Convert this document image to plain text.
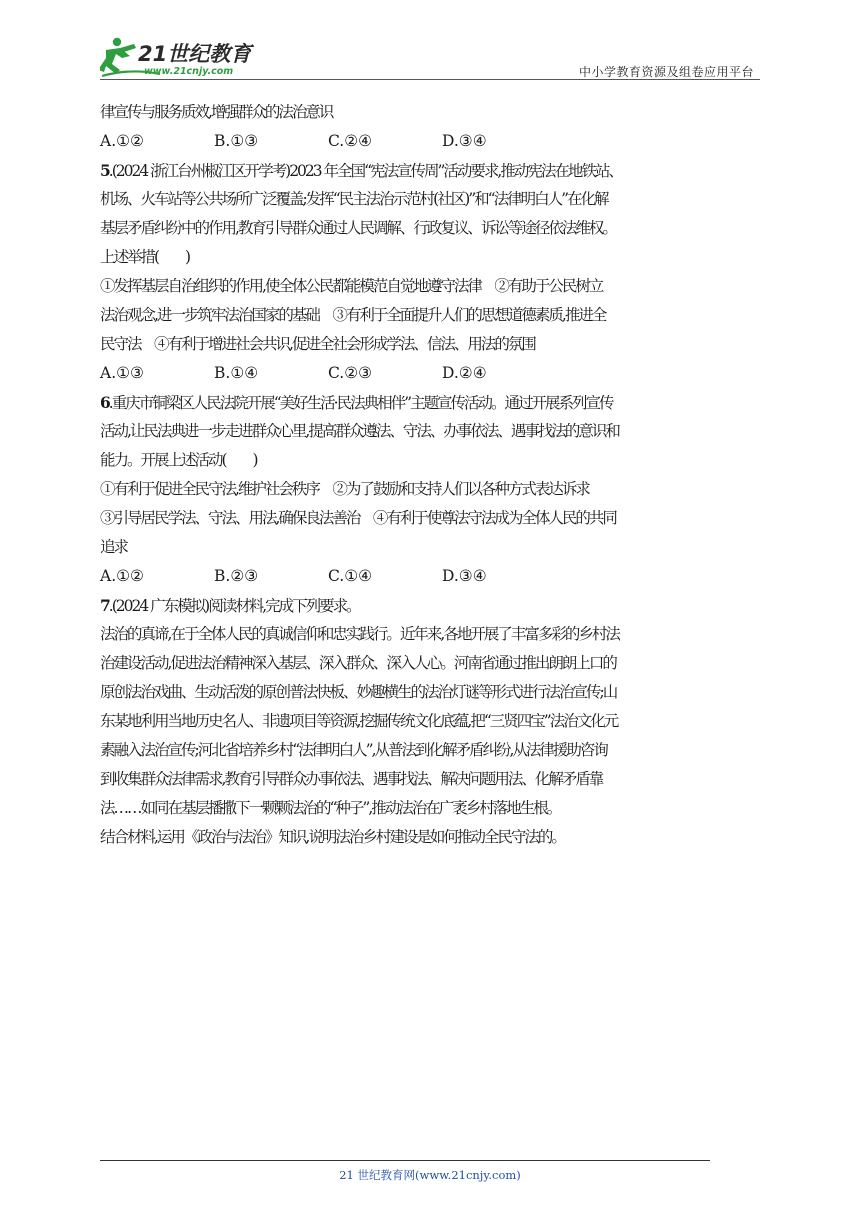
21世纪教育
www.21cnjy.com	中小学教育资源及组卷应用平台
律宣传与服务质效,增强群众的法治意识
A.①②	B.①③	C.②④	D.③④
5.(2024 浙江台州椒江区开学考)2023 年全国“宪法宣传周”活动要求,推动宪法在地铁站、
机场、火车站等公共场所广泛覆盖;发挥“民主法治示范村(社区)”和“法律明白人”在化解
基层矛盾纠纷中的作用,教育引导群众通过人民调解、行政复议、诉讼等途径依法维权。
上述举措(　　)
①发挥基层自治组织的作用,使全体公民都能模范自觉地遵守法律　②有助于公民树立
法治观念,进一步筑牢法治国家的基础　③有利于全面提升人们的思想道德素质,推进全
民守法　④有利于增进社会共识,促进全社会形成学法、信法、用法的氛围
A.①③	B.①④	C.②③	D.②④
6.重庆市铜梁区人民法院开展“美好生活·民法典相伴”主题宣传活动。通过开展系列宣传
活动,让民法典进一步走进群众心里,提高群众遵法、守法、办事依法、遇事找法的意识和
能力。开展上述活动(　　)
①有利于促进全民守法,维护社会秩序　②为了鼓励和支持人们以各种方式表达诉求
③引导居民学法、守法、用法,确保良法善治　④有利于使尊法守法成为全体人民的共同
追求
A.①②	B.②③	C.①④	D.③④
7.(2024 广东模拟)阅读材料,完成下列要求。
法治的真谛,在于全体人民的真诚信仰和忠实践行。近年来,各地开展了丰富多彩的乡村法
治建设活动,促进法治精神深入基层、深入群众、深入人心。河南省通过推出朗朗上口的
原创法治戏曲、生动活泼的原创普法快板、妙趣横生的法治灯谜等形式进行法治宣传;山
东某地利用当地历史名人、非遗项目等资源,挖掘传统文化底蕴,把“三贤四宝”法治文化元
素融入法治宣传;河北省培养乡村“法律明白人”,从普法到化解矛盾纠纷,从法律援助咨询
到收集群众法律需求,教育引导群众办事依法、遇事找法、解决问题用法、化解矛盾靠
法……如同在基层播撒下一颗颗法治的“种子”,推动法治在广袤乡村落地生根。
结合材料,运用《政治与法治》知识,说明法治乡村建设是如何推动全民守法的。
21 世纪教育网(www.21cnjy.com)
